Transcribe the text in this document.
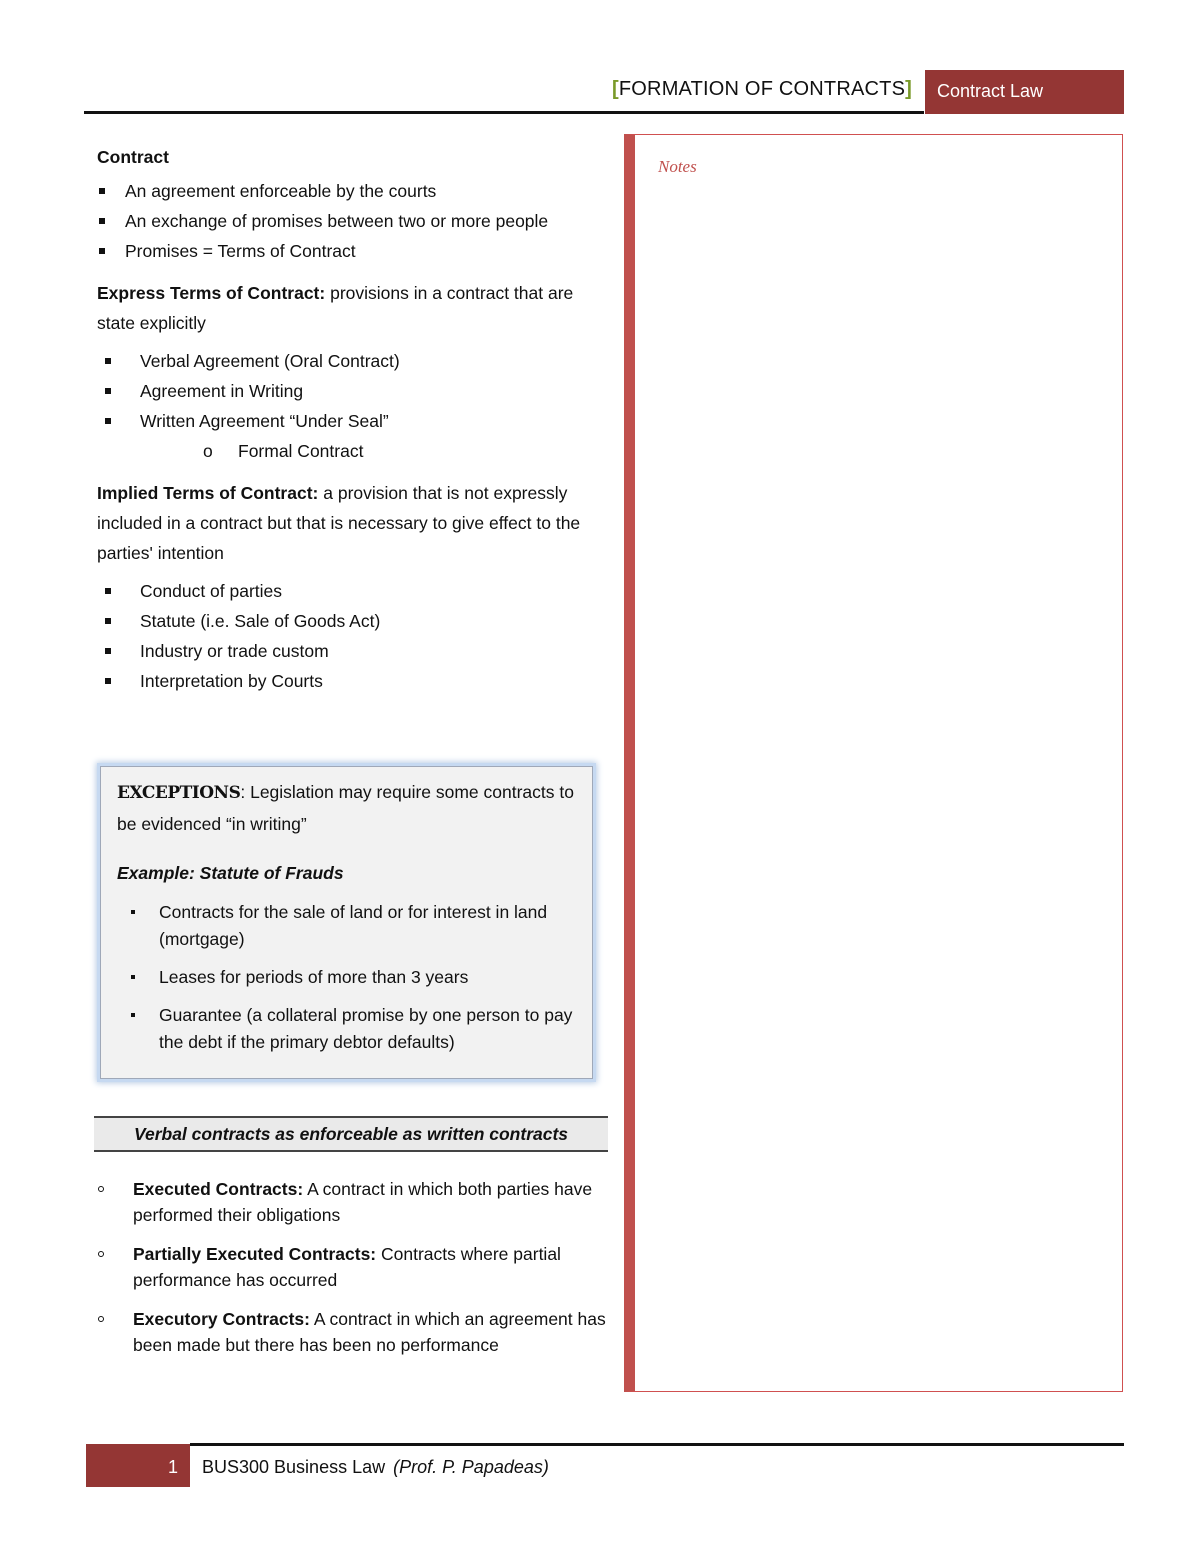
[FORMATION OF CONTRACTS]	Contract Law

Contract

An agreement enforceable by the courts
An exchange of promises between two or more people
Promises = Terms of Contract

Express Terms of Contract: provisions in a contract that are state explicitly

Verbal Agreement (Oral Contract)
Agreement in Writing
Written Agreement “Under Seal”
o Formal Contract

Implied Terms of Contract: a provision that is not expressly included in a contract but that is necessary to give effect to the parties' intention

Conduct of parties
Statute (i.e. Sale of Goods Act)
Industry or trade custom
Interpretation by Courts
EXCEPTIONS: Legislation may require some contracts to be evidenced “in writing”
Example: Statute of Frauds
Contracts for the sale of land or for interest in land (mortgage)
Leases for periods of more than 3 years
Guarantee (a collateral promise by one person to pay the debt if the primary debtor defaults)
Verbal contracts as enforceable as written contracts
Executed Contracts: A contract in which both parties have performed their obligations
Partially Executed Contracts: Contracts where partial performance has occurred
Executory Contracts: A contract in which an agreement has been made but there has been no performance
Notes
1	BUS300 Business Law (Prof. P. Papadeas)
